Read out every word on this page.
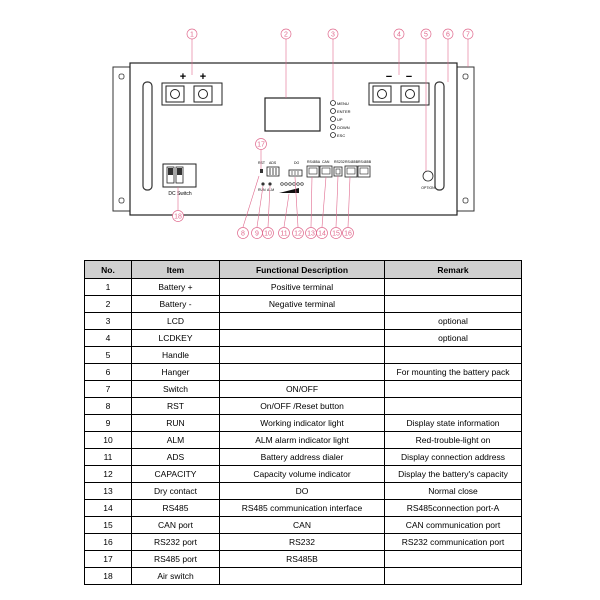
+ +	− −
MENU
ENTER
UP
DOWN
ESC
RST ADS	DO
RUN ALM
RS485A CAN RS232 RS485B RS485B
OPTION
DC Switch
1	2	3	4	5	6 7
8 9 10 11 12 13 14 15 16
17
18
No.	Item	Functional Description	Remark
1	Battery +	Positive terminal	
2	Battery -	Negative terminal	
3	LCD		optional
4	LCDKEY		optional
5	Handle		
6	Hanger		For mounting the battery pack
7	Switch	ON/OFF	
8	RST	On/OFF /Reset button	
9	RUN	Working indicator light	Display state information
10	ALM	ALM alarm indicator light	Red-trouble-light on
11	ADS	Battery address dialer	Display connection address
12	CAPACITY	Capacity volume indicator	Display the battery's capacity
13	Dry contact	DO	Normal close
14	RS485	RS485 communication interface	RS485connection port-A
15	CAN port	CAN	CAN communication port
16	RS232 port	RS232	RS232 communication port
17	RS485 port	RS485B	
18	Air switch		
